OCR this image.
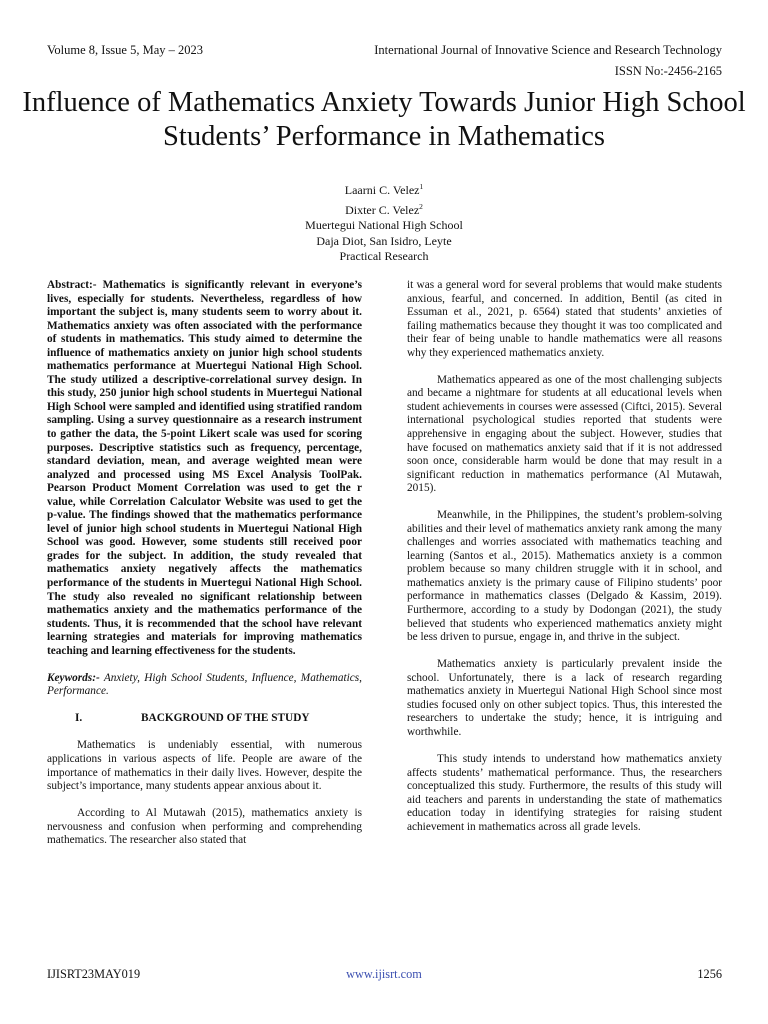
Volume 8, Issue 5, May – 2023	International Journal of Innovative Science and Research Technology
ISSN No:-2456-2165
Influence of Mathematics Anxiety Towards Junior High School Students’ Performance in Mathematics
Laarni C. Velez$^1$
Dixter C. Velez$^2$
Muertegui National High School
Daja Diot, San Isidro, Leyte
Practical Research

Abstract:- Mathematics is significantly relevant in everyone’s lives, especially for students. Nevertheless, regardless of how important the subject is, many students seem to worry about it. Mathematics anxiety was often associated with the performance of students in mathematics. This study aimed to determine the influence of mathematics anxiety on junior high school students mathematics performance at Muertegui National High School. The study utilized a descriptive-correlational survey design. In this study, 250 junior high school students in Muertegui National High School were sampled and identified using stratified random sampling. Using a survey questionnaire as a research instrument to gather the data, the 5-point Likert scale was used for scoring purposes. Descriptive statistics such as frequency, percentage, standard deviation, mean, and average weighted mean were analyzed and processed using MS Excel Analysis ToolPak. Pearson Product Moment Correlation was used to get the r value, while Correlation Calculator Website was used to get the p-value. The findings showed that the mathematics performance level of junior high school students in Muertegui National High School was good. However, some students still received poor grades for the subject. In addition, the study revealed that mathematics anxiety negatively affects the mathematics performance of the students in Muertegui National High School. The study also revealed no significant relationship between mathematics anxiety and the mathematics performance of the students. Thus, it is recommended that the school have relevant learning strategies and materials for improving mathematics teaching and learning effectiveness for the students.

Keywords:- Anxiety, High School Students, Influence, Mathematics, Performance.

I.	BACKGROUND OF THE STUDY

Mathematics is undeniably essential, with numerous applications in various aspects of life. People are aware of the importance of mathematics in their daily lives. However, despite the subject’s importance, many students appear anxious about it.

According to Al Mutawah (2015), mathematics anxiety is nervousness and confusion when performing and comprehending mathematics. The researcher also stated that

it was a general word for several problems that would make students anxious, fearful, and concerned. In addition, Bentil (as cited in Essuman et al., 2021, p. 6564) stated that students’ anxieties of failing mathematics because they thought it was too complicated and their fear of being unable to handle mathematics were all reasons why they experienced mathematics anxiety.

Mathematics appeared as one of the most challenging subjects and became a nightmare for students at all educational levels when student achievements in courses were assessed (Ciftci, 2015). Several international psychological studies reported that students were apprehensive in engaging about the subject. However, studies that have focused on mathematics anxiety said that if it is not addressed soon once, considerable harm would be done that may result in a significant reduction in mathematics performance (Al Mutawah, 2015).

Meanwhile, in the Philippines, the student’s problem-solving abilities and their level of mathematics anxiety rank among the many challenges and worries associated with mathematics teaching and learning (Santos et al., 2015). Mathematics anxiety is a common problem because so many children struggle with it in school, and mathematics anxiety is the primary cause of Filipino students’ poor performance in mathematics classes (Delgado & Kassim, 2019). Furthermore, according to a study by Dodongan (2021), the study believed that students who experienced mathematics anxiety might be less driven to pursue, engage in, and thrive in the subject.

Mathematics anxiety is particularly prevalent inside the school. Unfortunately, there is a lack of research regarding mathematics anxiety in Muertegui National High School since most studies focused only on other subject topics. Thus, this interested the researchers to undertake the study; hence, it is intriguing and worthwhile.

This study intends to understand how mathematics anxiety affects students’ mathematical performance. Thus, the researchers conceptualized this study. Furthermore, the results of this study will aid teachers and parents in understanding the state of mathematics education today in identifying strategies for raising student achievement in mathematics across all grade levels.

IJISRT23MAY019	www.ijisrt.com	1256
